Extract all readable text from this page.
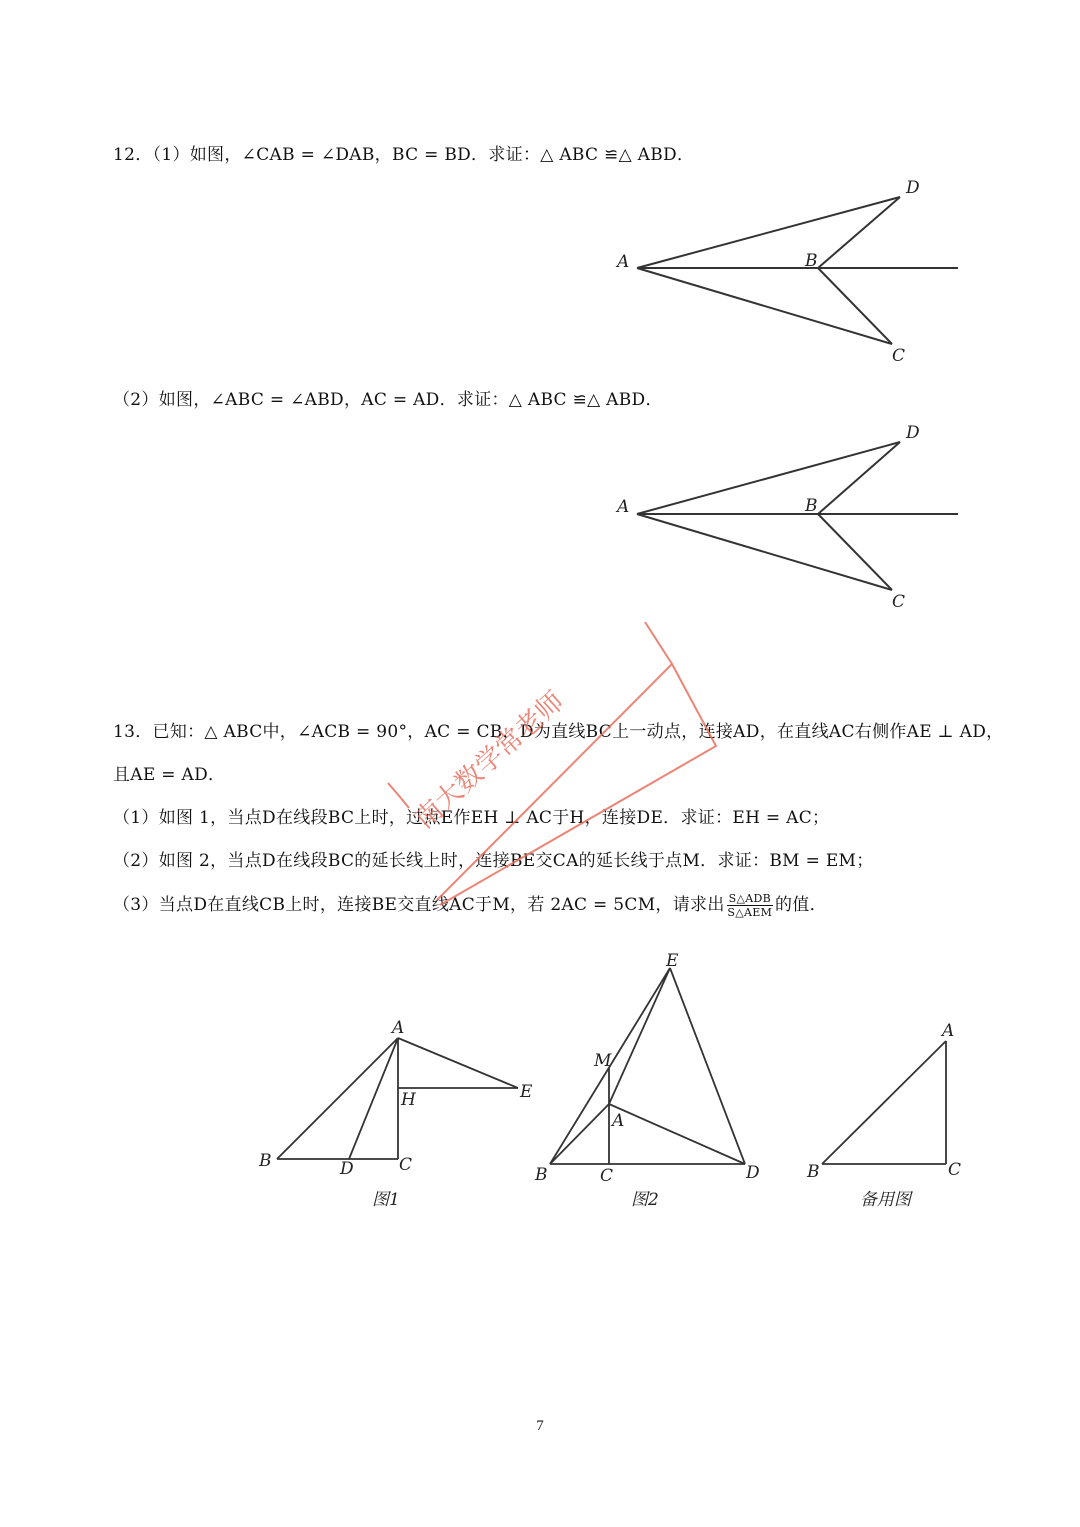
12．（1）如图，∠CAB = ∠DAB，BC = BD．求证：△ ABC ≌△ ABD．
A	B
C
D
（2）如图，∠ABC = ∠ABD，AC = AD．求证：△ ABC ≌△ ABD．
A	B
C
D
13．已知：△ ABC中，∠ACB = 90°，AC = CB，D为直线BC上一动点，连接AD，在直线AC右侧作AE ⊥ AD，
且AE = AD．
（1）如图 1，当点D在线段BC上时，过点E作EH ⊥ AC于H，连接DE．求证：EH = AC；
（2）如图 2，当点D在线段BC的延长线上时，连接BE交CA的延长线于点M．求证：BM = EM；
（3）当点D在直线CB上时，连接BE交直线AC于M，若 2AC = 5CM，请求出 $\frac{\text{S△ADB}}{\text{S△AEM}}$ 的值．
A
B	D	C
H	E
图1
E
M
A
B	C	D
图2
A
B	C
备用图
南大数学常老师
7
